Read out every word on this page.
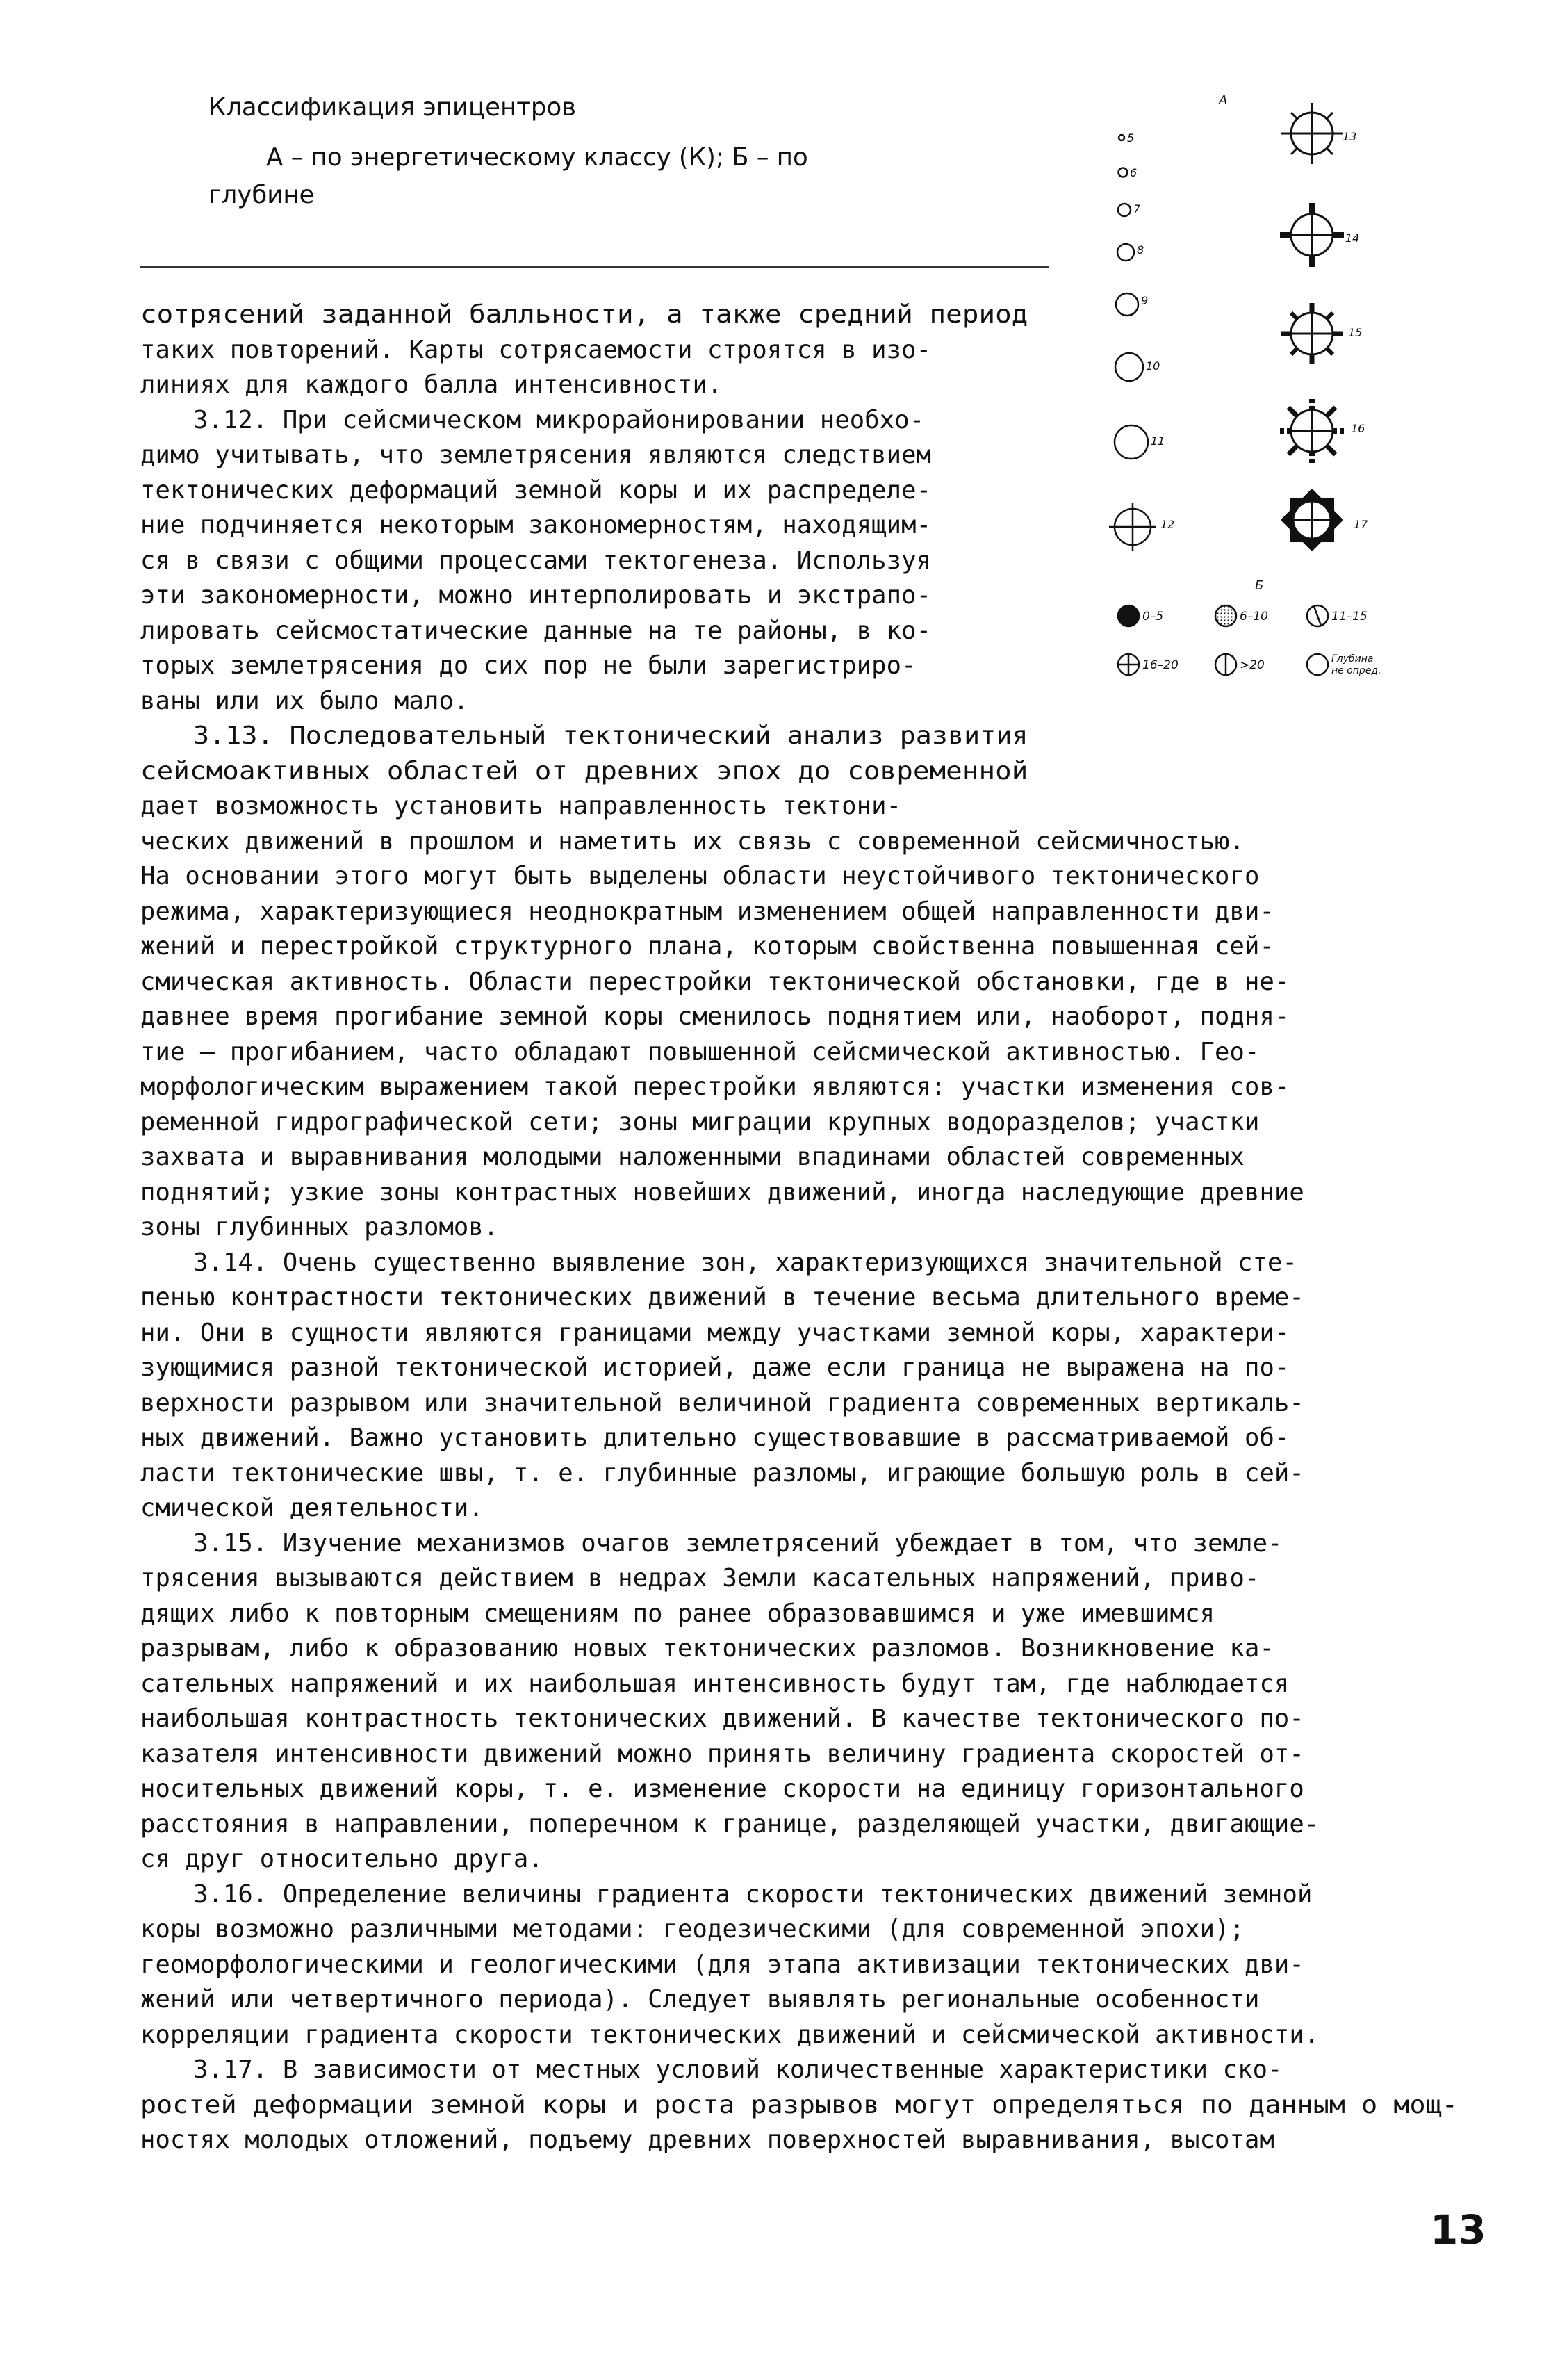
Классификация эпицентров
А – по энергетическому классу (К); Б – по
глубине
А
5
6
7
8
9
10
11
12
13
14
15
16
17
Б
0–5	6–10	11–15
16–20	>20	Глубина
не опред.
сотрясений заданной балльности, а также средний период
таких повторений. Карты сотрясаемости строятся в изо-
линиях для каждого балла интенсивности.
3.12. При сейсмическом микрорайонировании необхо-
димо учитывать, что землетрясения являются следствием
тектонических деформаций земной коры и их распределе-
ние подчиняется некоторым закономерностям, находящим-
ся в связи с общими процессами тектогенеза. Используя
эти закономерности, можно интерполировать и экстрапо-
лировать сейсмостатические данные на те районы, в ко-
торых землетрясения до сих пор не были зарегистриро-
ваны или их было мало.
3.13. Последовательный тектонический анализ развития
сейсмоактивных областей от древних эпох до современной
дает возможность установить направленность тектони-
ческих движений в прошлом и наметить их связь с современной сейсмичностью.
На основании этого могут быть выделены области неустойчивого тектонического
режима, характеризующиеся неоднократным изменением общей направленности дви-
жений и перестройкой структурного плана, которым свойственна повышенная сей-
смическая активность. Области перестройки тектонической обстановки, где в не-
давнее время прогибание земной коры сменилось поднятием или, наоборот, подня-
тие – прогибанием, часто обладают повышенной сейсмической активностью. Гео-
морфологическим выражением такой перестройки являются: участки изменения сов-
ременной гидрографической сети; зоны миграции крупных водоразделов; участки
захвата и выравнивания молодыми наложенными впадинами областей современных
поднятий; узкие зоны контрастных новейших движений, иногда наследующие древние
зоны глубинных разломов.
3.14. Очень существенно выявление зон, характеризующихся значительной сте-
пенью контрастности тектонических движений в течение весьма длительного време-
ни. Они в сущности являются границами между участками земной коры, характери-
зующимися разной тектонической историей, даже если граница не выражена на по-
верхности разрывом или значительной величиной градиента современных вертикаль-
ных движений. Важно установить длительно существовавшие в рассматриваемой об-
ласти тектонические швы, т. е. глубинные разломы, играющие большую роль в сей-
смической деятельности.
3.15. Изучение механизмов очагов землетрясений убеждает в том, что земле-
трясения вызываются действием в недрах Земли касательных напряжений, приво-
дящих либо к повторным смещениям по ранее образовавшимся и уже имевшимся
разрывам, либо к образованию новых тектонических разломов. Возникновение ка-
сательных напряжений и их наибольшая интенсивность будут там, где наблюдается
наибольшая контрастность тектонических движений. В качестве тектонического по-
казателя интенсивности движений можно принять величину градиента скоростей от-
носительных движений коры, т. е. изменение скорости на единицу горизонтального
расстояния в направлении, поперечном к границе, разделяющей участки, двигающие-
ся друг относительно друга.
3.16. Определение величины градиента скорости тектонических движений земной
коры возможно различными методами: геодезическими (для современной эпохи);
геоморфологическими и геологическими (для этапа активизации тектонических дви-
жений или четвертичного периода). Следует выявлять региональные особенности
корреляции градиента скорости тектонических движений и сейсмической активности.
3.17. В зависимости от местных условий количественные характеристики ско-
ростей деформации земной коры и роста разрывов могут определяться по данным о мощ-
ностях молодых отложений, подъему древних поверхностей выравнивания, высотам
13
